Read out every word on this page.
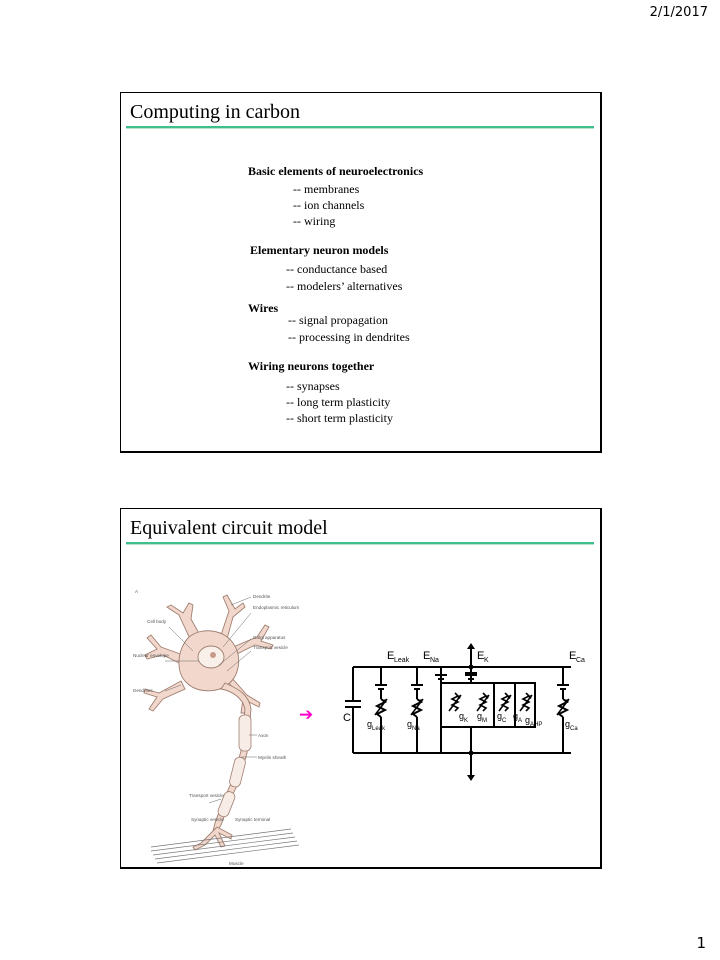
2/1/2017
Computing in carbon
Basic elements of neuroelectronics
-- membranes
-- ion channels
-- wiring
Elementary neuron models
-- conductance based
-- modelers’ alternatives
Wires
-- signal propagation
-- processing in dendrites
Wiring neurons together
-- synapses
-- long term plasticity
-- short term plasticity
Equivalent circuit model
A
Dendrite
Endoplasmic reticulum
Cell body
Golgi apparatus
Transport vesicle
Nuclear envelope
Dendrites
Axon
Myelin sheath
Transport vesicle
Synaptic vesicle Synaptic terminal
Muscle
➔	C
E Leak E Na	E K	E Ca
g Leak g Na
g K g M g C g A g AHP	g Ca
1
